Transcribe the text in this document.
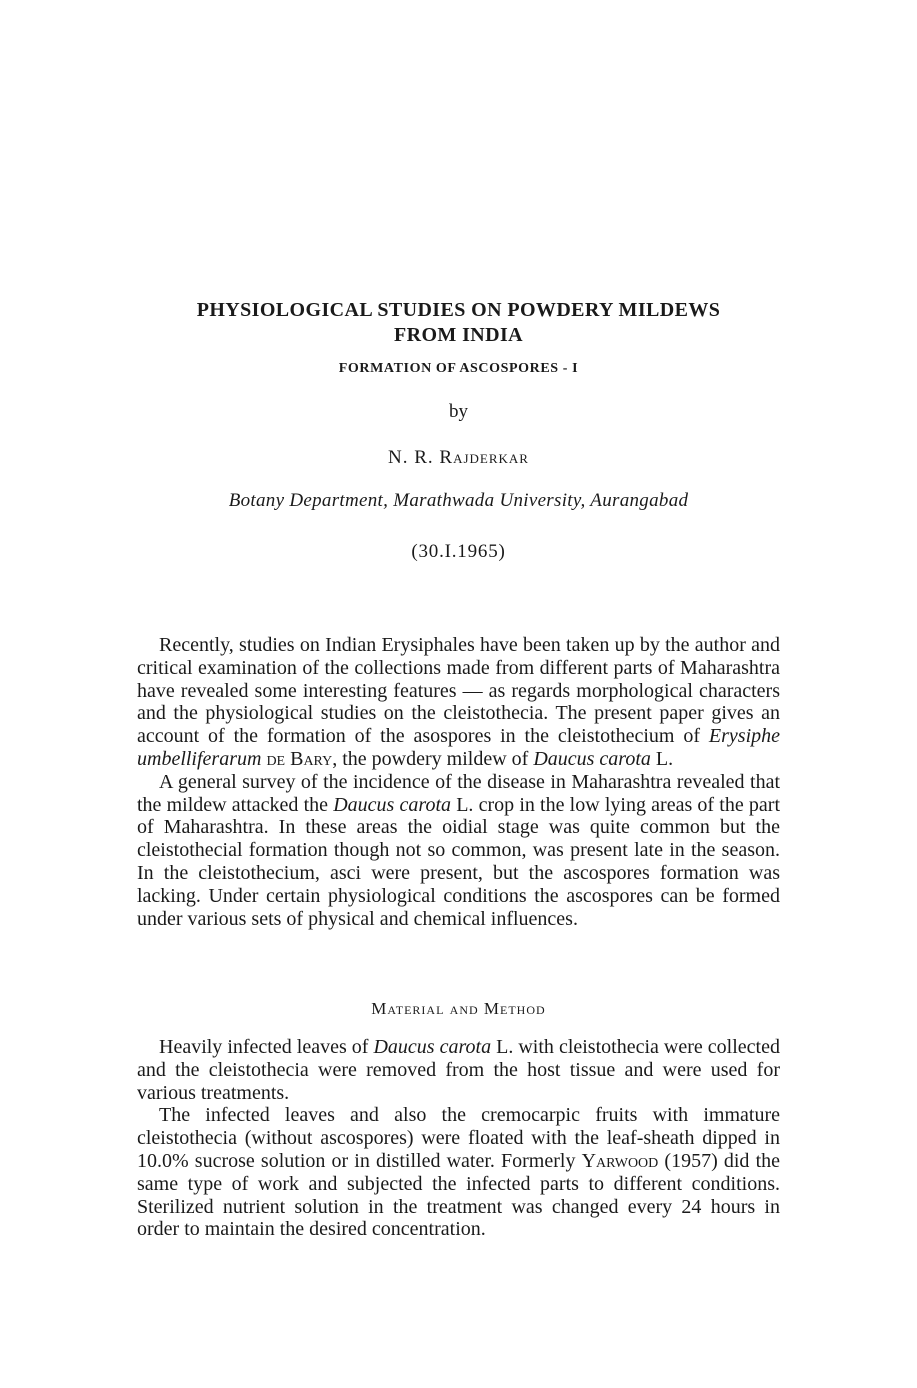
PHYSIOLOGICAL STUDIES ON POWDERY MILDEWS
FROM INDIA
FORMATION OF ASCOSPORES - I
by
N. R. Rajderkar
Botany Department, Marathwada University, Aurangabad
(30.I.1965)

Recently, studies on Indian Erysiphales have been taken up by the author and critical examination of the collections made from different parts of Maharashtra have revealed some interesting features — as regards morphological characters and the physiological studies on the cleistothecia. The present paper gives an account of the formation of the asospores in the cleistothecium of Erysiphe umbelliferarum de Bary, the powdery mildew of Daucus carota L.

A general survey of the incidence of the disease in Maharashtra revealed that the mildew attacked the Daucus carota L. crop in the low lying areas of the part of Maharashtra. In these areas the oidial stage was quite common but the cleistothecial formation though not so common, was present late in the season. In the cleistothecium, asci were present, but the ascospores formation was lacking. Under certain physiological conditions the ascospores can be formed under various sets of physical and chemical influences.

Material and Method

Heavily infected leaves of Daucus carota L. with cleistothecia were collected and the cleistothecia were removed from the host tissue and were used for various treatments.

The infected leaves and also the cremocarpic fruits with immature cleistothecia (without ascospores) were floated with the leaf-sheath dipped in 10.0% sucrose solution or in distilled water. Formerly Yarwood (1957) did the same type of work and subjected the infected parts to different conditions. Sterilized nutrient solution in the treatment was changed every 24 hours in order to maintain the desired concentration.
